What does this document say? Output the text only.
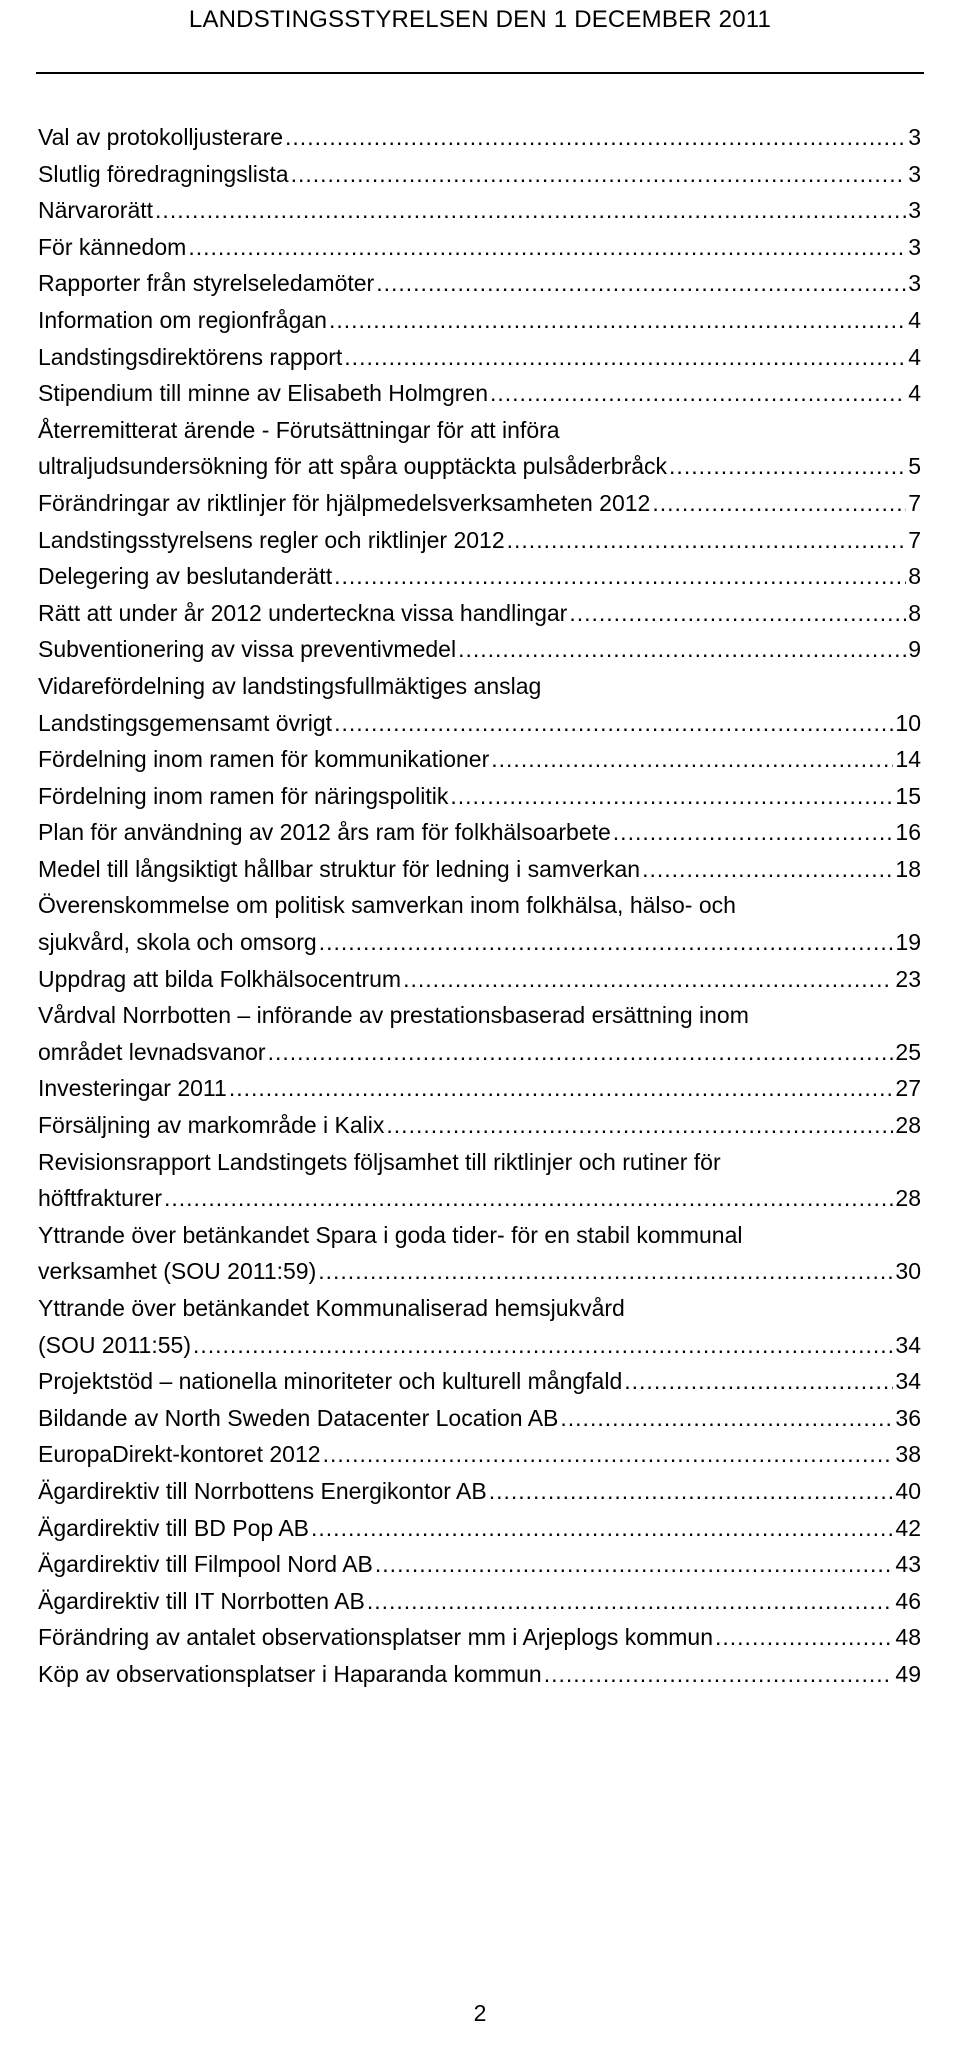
LANDSTINGSSTYRELSEN DEN 1 DECEMBER 2011
Val av protokolljusterare .....	3
Slutlig föredragningslista .....	3
Närvarorätt .....	3
För kännedom .....	3
Rapporter från styrelseledamöter .....	3
Information om regionfrågan .....	4
Landstingsdirektörens rapport .....	4
Stipendium till minne av Elisabeth Holmgren .....	4
Återremitterat ärende - Förutsättningar för att införa
ultraljudsundersökning för att spåra oupptäckta pulsåderbråck .....	5
Förändringar av riktlinjer för hjälpmedelsverksamheten 2012 .....	7
Landstingsstyrelsens regler och riktlinjer 2012 .....	7
Delegering av beslutanderätt .....	8
Rätt att under år 2012 underteckna vissa handlingar .....	8
Subventionering av vissa preventivmedel .....	9
Vidarefördelning av landstingsfullmäktiges anslag
Landstingsgemensamt övrigt .....	10
Fördelning inom ramen för kommunikationer .....	14
Fördelning inom ramen för näringspolitik .....	15
Plan för användning av 2012 års ram för folkhälsoarbete .....	16
Medel till långsiktigt hållbar struktur för ledning i samverkan .....	18
Överenskommelse om politisk samverkan inom folkhälsa, hälso- och
sjukvård, skola och omsorg .....	19
Uppdrag att bilda Folkhälsocentrum .....	23
Vårdval Norrbotten – införande av prestationsbaserad ersättning inom
området levnadsvanor .....	25
Investeringar 2011 .....	27
Försäljning av markområde i Kalix .....	28
Revisionsrapport Landstingets följsamhet till riktlinjer och rutiner för
höftfrakturer .....	28
Yttrande över betänkandet Spara i goda tider- för en stabil kommunal
verksamhet (SOU 2011:59) .....	30
Yttrande över betänkandet Kommunaliserad hemsjukvård
(SOU 2011:55) .....	34
Projektstöd – nationella minoriteter och kulturell mångfald .....	34
Bildande av North Sweden Datacenter Location AB .....	36
EuropaDirekt-kontoret 2012 .....	38
Ägardirektiv till Norrbottens Energikontor AB .....	40
Ägardirektiv till BD Pop AB .....	42
Ägardirektiv till Filmpool Nord AB .....	43
Ägardirektiv till IT Norrbotten AB .....	46
Förändring av antalet observationsplatser mm i Arjeplogs kommun .....	48
Köp av observationsplatser i Haparanda kommun .....	49
2
